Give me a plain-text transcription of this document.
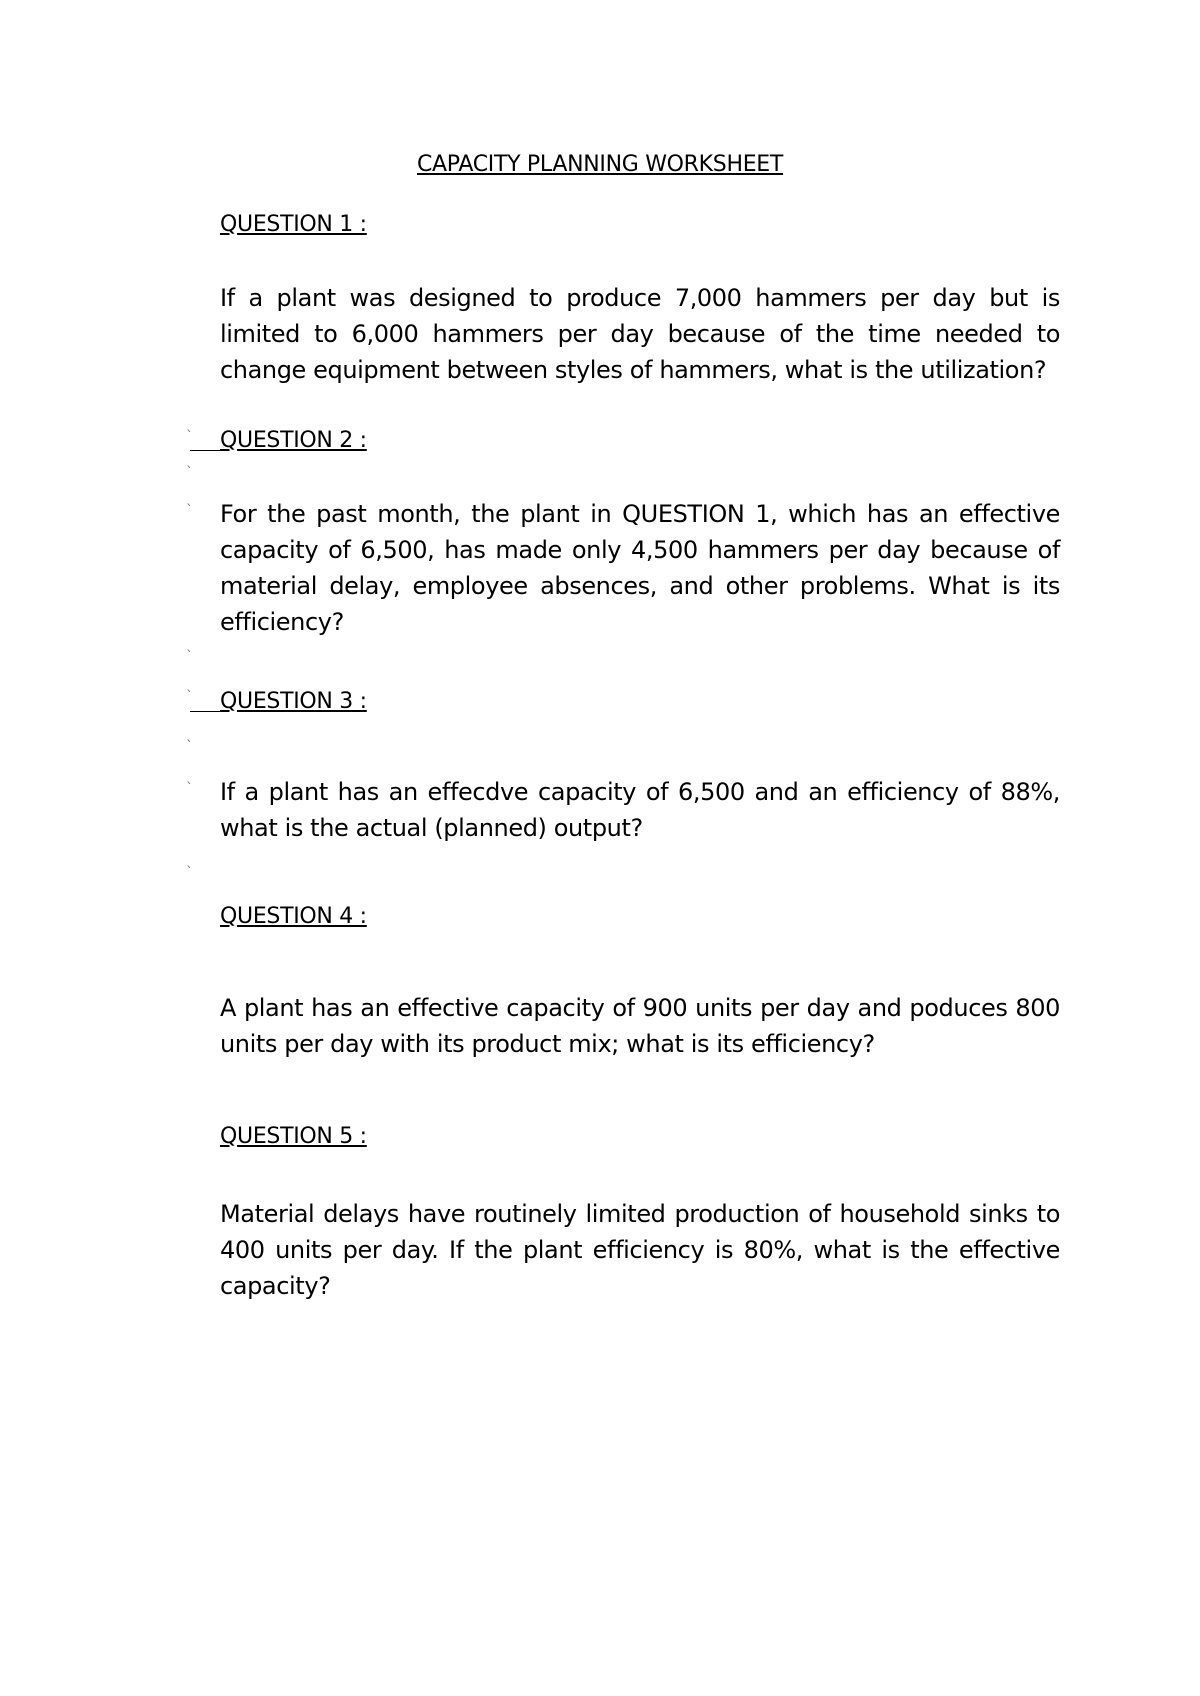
CAPACITY PLANNING WORKSHEET
QUESTION 1 :
If a plant was designed to produce 7,000 hammers per day but is limited to 6,000 hammers per day because of the time needed to change equipment between styles of hammers, what is the utilization?
ˋ QUESTION 2 :
ˋ
ˋ For the past month, the plant in QUESTION 1, which has an effective capacity of 6,500, has made only 4,500 hammers per day because of material delay, employee absences, and other problems. What is its efficiency?
ˋ
ˋ QUESTION 3 :
ˋ
ˋ If a plant has an effecdve capacity of 6,500 and an efficiency of 88%, what is the actual (planned) output?
ˋ
QUESTION 4 :
A plant has an effective capacity of 900 units per day and poduces 800 units per day with its product mix; what is its efficiency?
QUESTION 5 :
Material delays have routinely limited production of household sinks to 400 units per day. If the plant efficiency is 80%, what is the effective capacity?
